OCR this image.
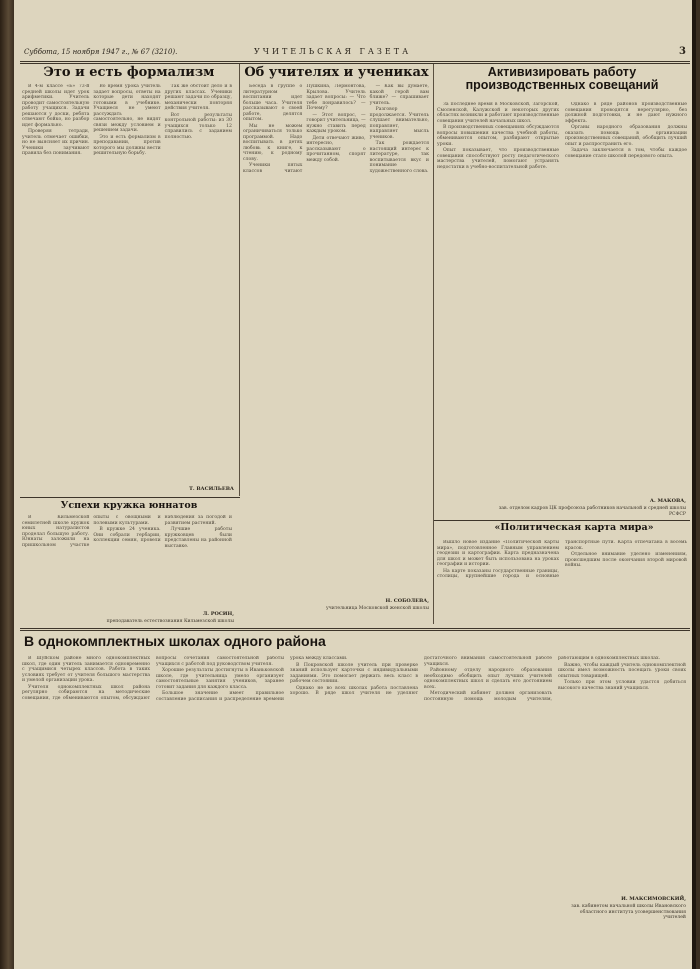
Суббота, 15 ноября 1947 г., № 67 (3210).	УЧИТЕЛЬСКАЯ ГАЗЕТА	3
Это и есть формализм

В 4-м классе «Б» 73-й средней школы идет урок арифметики. Учитель проводит самостоятельную работу учащихся. Задачи решаются у доски, ребята отвечают бойко, но разбор идет формально.

Проверяя тетради, учитель отмечает ошибки, но не выясняет их причин. Ученики заучивают правила без понимания.

Во время урока учитель задает вопросы, ответы на которые дети находят готовыми в учебнике. Учащиеся не умеют рассуждать самостоятельно, не видят связи между условием и решением задачи.

Это и есть формализм в преподавании, против которого мы должны вести решительную борьбу.

Так же обстоит дело и в других классах. Ученики решают задачи по образцу, механически повторяя действия учителя.

Вот результаты контрольной работы: из 30 учащихся только 12 справились с заданием полностью.

Т. ВАСИЛЬЕВА
Об учителях и учениках

Беседа в группе о литературном воспитании идет больше часа. Учителя рассказывают о своей работе, делятся опытом.

Мы не можем ограничиваться только программой. Надо воспитывать в детях любовь к книге, к чтению, к родному слову.

Ученики пятых классов читают Пушкина, Лермонтова, Крылова. Учитель задает вопросы: — Что тебе понравилось? — Почему?

— Этот вопрос, — говорит учительница, — нужно ставить перед каждым уроком.

Дети отвечают живо, интересно, рассказывают о прочитанном, спорят между собой.

— Как вы думаете, какой герой вам ближе? — спрашивает учитель.

Разговор продолжается. Учитель слушает внимательно, поправляет, направляет мысль учеников.

Так рождается настоящий интерес к литературе, так воспитывается вкус и понимание художественного слова.

Н. СОБОЛЕВА,
учительница Московской женской школы
Активизировать работу производственных совещаний

За последнее время в Московской, Загорской, Смоленской, Калужской и некоторых других областях возникли и работают производственные совещания учителей начальных школ.

В производственных совещаниях обсуждаются вопросы повышения качества учебной работы, обмениваются опытом, разбирают открытые уроки.

Опыт показывает, что производственные совещания способствуют росту педагогического мастерства учителей, помогают устранять недостатки в учебно-воспитательной работе.

Однако в ряде районов производственные совещания проводятся нерегулярно, без должной подготовки, и не дают нужного эффекта.

Органы народного образования должны оказать помощь в организации производственных совещаний, обобщить лучший опыт и распространить его.

Задача заключается в том, чтобы каждое совещание стало школой передового опыта.

А. МАКОВА,
зав. отделом кадров ЦК профсоюза работников начальной и средней школы РСФСР
«Политическая карта мира»

Вышло новое издание «Политической карты мира», подготовленное Главным управлением геодезии и картографии. Карта предназначена для школ и может быть использована на уроках географии и истории.

На карте показаны государственные границы, столицы, крупнейшие города и основные транспортные пути. Карта отпечатана в восемь красок.

Отдельное внимание уделено изменениям, происшедшим после окончания второй мировой войны.

Успехи кружка юннатов

В Кильмезской семилетней школе кружок юных натуралистов проделал большую работу. Юннаты заложили на пришкольном участке опыты с овощными и полевыми культурами.

В кружке 24 ученика. Они собрали гербарии, коллекции семян, провели наблюдения за погодой и развитием растений.

Лучшие работы кружковцев были представлены на районной выставке.

Л. РОСИН,
преподаватель естествознания Кильмезской школы
В однокомплектных школах одного района

В Шуйском районе много однокомплектных школ, где один учитель занимается одновременно с учащимися четырех классов. Работа в таких условиях требует от учителя большого мастерства и умелой организации урока.

Учителя однокомплектных школ района регулярно собираются на методические совещания, где обмениваются опытом, обсуждают вопросы сочетания самостоятельной работы учащихся с работой под руководством учителя.

Хорошие результаты достигнуты в Иваньковской школе, где учительница умело организует самостоятельные занятия учеников, заранее готовит задания для каждого класса.

Большое значение имеет правильное составление расписания и распределение времени урока между классами.

В Покровской школе учитель при проверке знаний использует карточки с индивидуальными заданиями. Это помогает держать весь класс в рабочем состоянии.

Однако не во всех школах работа поставлена хорошо. В ряде школ учителя не уделяют достаточного внимания самостоятельной работе учащихся.

Районному отделу народного образования необходимо обобщить опыт лучших учителей однокомплектных школ и сделать его достоянием всех.

Методический кабинет должен организовать постоянную помощь молодым учителям, работающим в однокомплектных школах.

Важно, чтобы каждый учитель однокомплектной школы имел возможность посещать уроки своих опытных товарищей.

Только при этом условии удастся добиться высокого качества знаний учащихся.

И. МАКСИМОВСКИЙ,
зав. кабинетом начальной школы Ивановского областного института усовершенствования учителей
